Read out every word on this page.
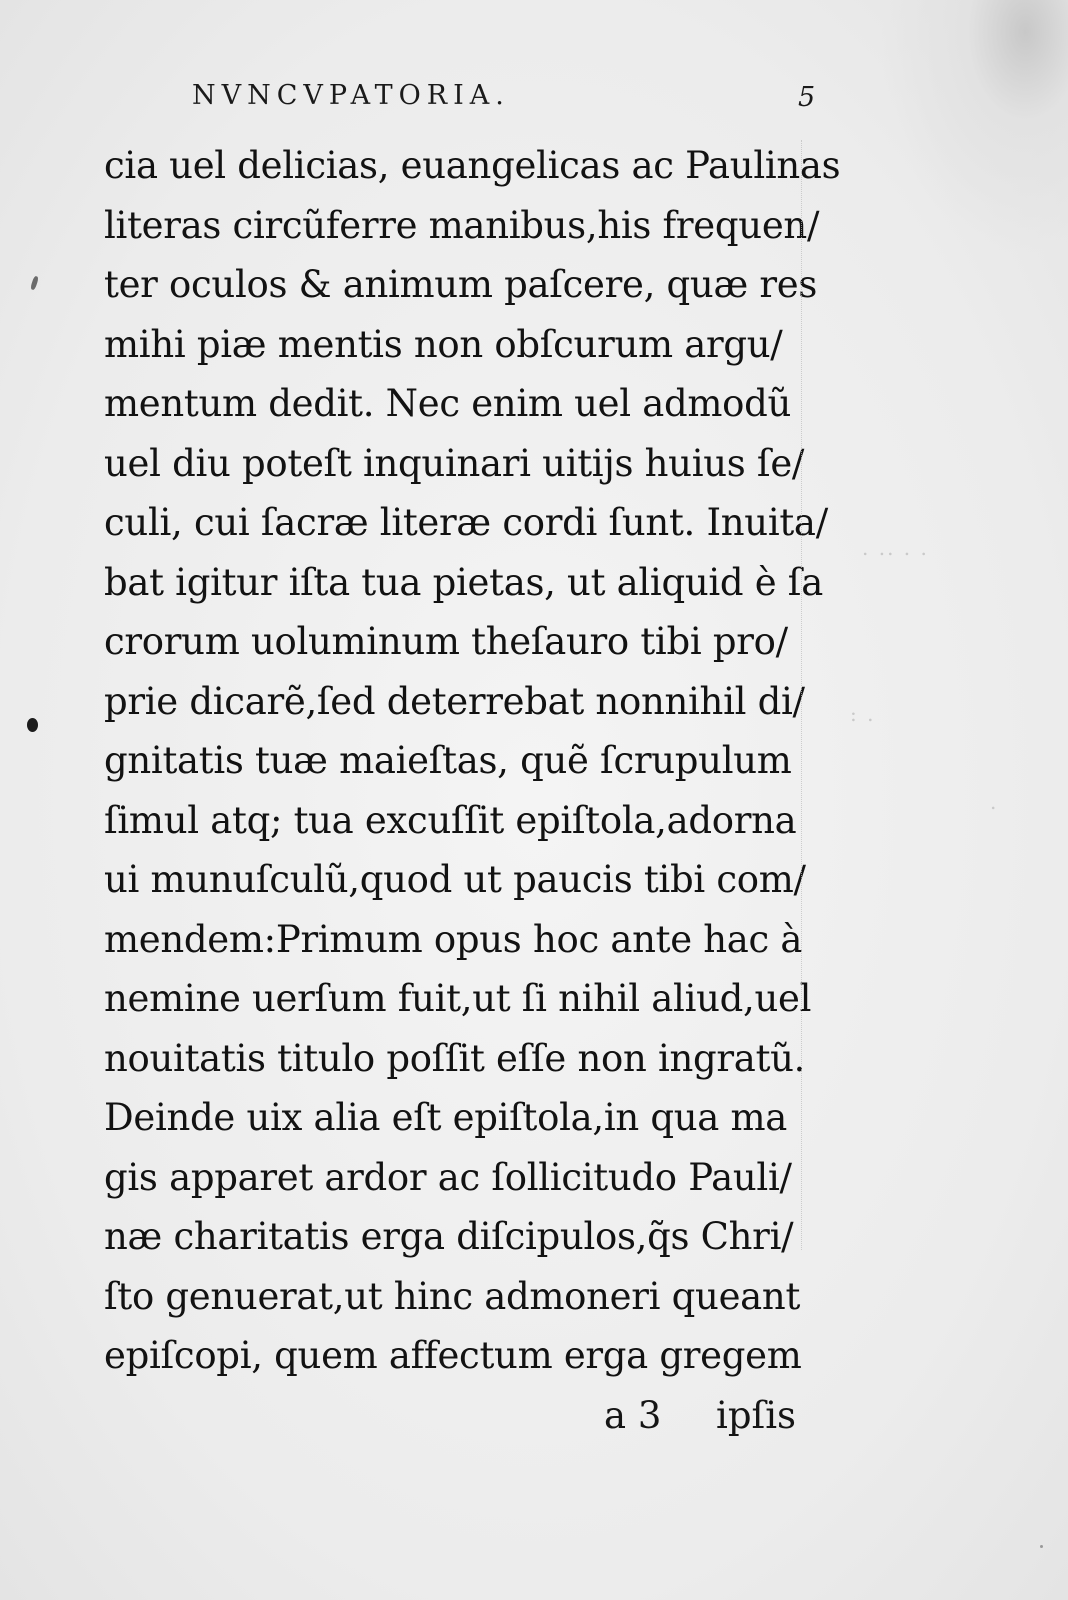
. .. . .
: .
.
NVNCVPATORIA.	5
cia uel delicias, euangelicas ac Paulinas
literas circũferre manibus,his frequen/
ter oculos & animum paſcere, quæ res
mihi piæ mentis non obſcurum argu/
mentum dedit. Nec enim uel admodũ
uel diu poteſt inquinari uitijs huius ſe/
culi, cui ſacræ literæ cordi ſunt. Inuita/
bat igitur iſta tua pietas, ut aliquid è ſa
crorum uoluminum theſauro tibi pro/
prie dicarẽ,ſed deterrebat nonnihil di/
gnitatis tuæ maieſtas, quẽ ſcrupulum
ſimul atq; tua excuſſit epiſtola,adorna
ui munuſculũ,quod ut paucis tibi com/
mendem:Primum opus hoc ante hac à
nemine uerſum fuit,ut ſi nihil aliud,uel
nouitatis titulo poſſit eſſe non ingratũ.
Deinde uix alia eſt epiſtola,in qua ma
gis apparet ardor ac ſollicitudo Pauli/
næ charitatis erga diſcipulos,q̃s Chri/
ſto genuerat,ut hinc admoneri queant
epiſcopi, quem affectum erga gregem
a 3 ipſis
